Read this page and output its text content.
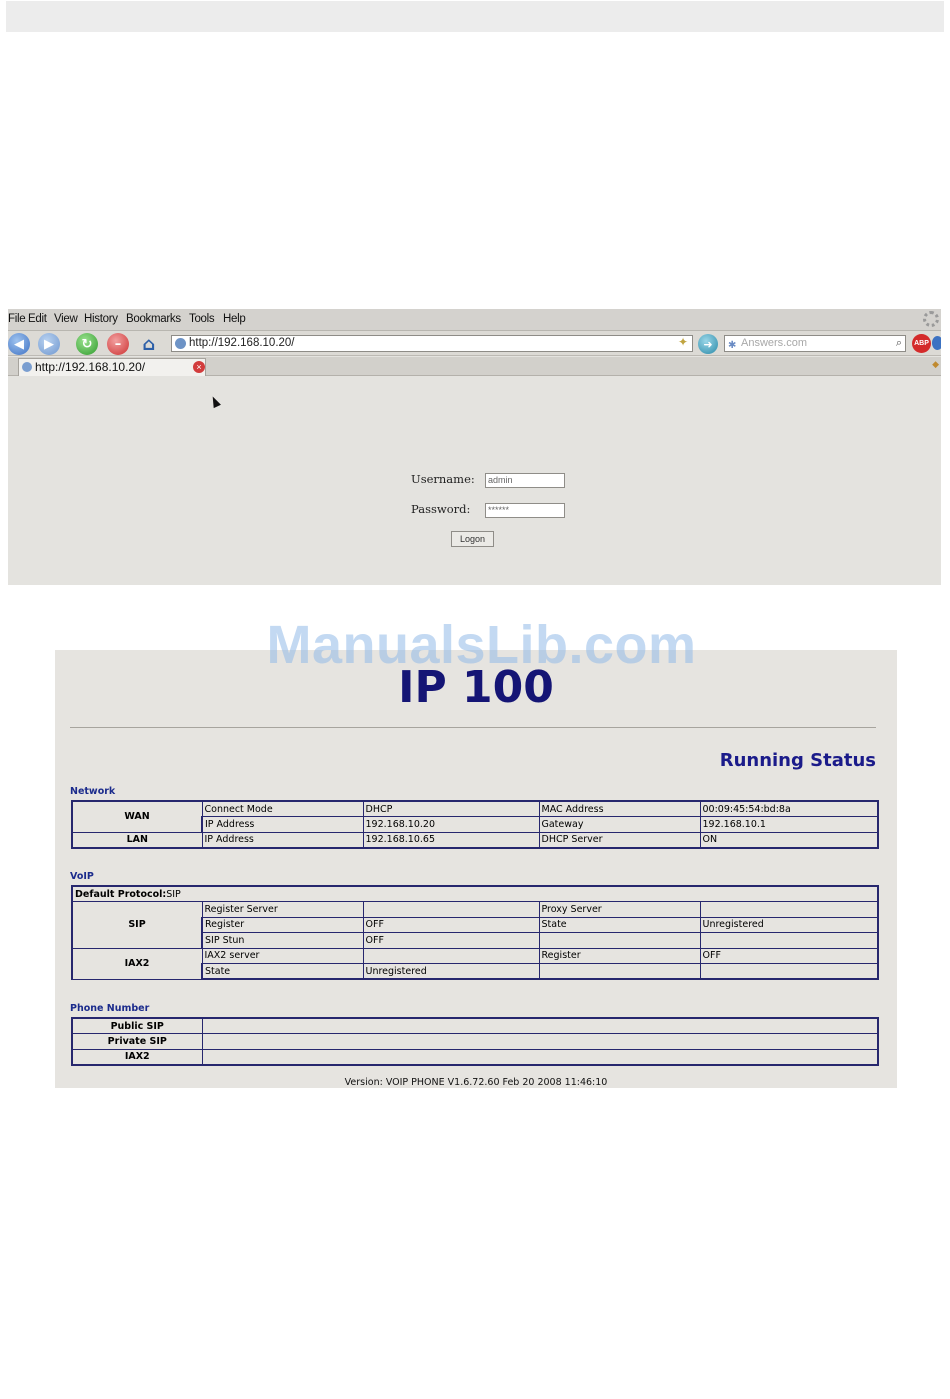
File Edit View History Bookmarks Tools Help
◀	▶	↻	–	⌂	http://192.168.10.20/	✦	➜	✱ Answers.com	⌕	ABP
http://192.168.10.20/	×	◆
Username:	admin
Password:	******
Logon
ManualsLib.com
IP 100
Running Status
Network
WAN	Connect Mode	DHCP	MAC Address	00:09:45:54:bd:8a
	IP Address	192.168.10.20	Gateway	192.168.10.1
LAN	IP Address	192.168.10.65	DHCP Server	ON
VoIP
Default Protocol:SIP				
SIP	Register Server		Proxy Server	
	Register	OFF	State	Unregistered
	SIP Stun	OFF		
IAX2	IAX2 server		Register	OFF
	State	Unregistered		
Phone Number
Public SIP	
Private SIP	
IAX2	
Version: VOIP PHONE V1.6.72.60 Feb 20 2008 11:46:10
